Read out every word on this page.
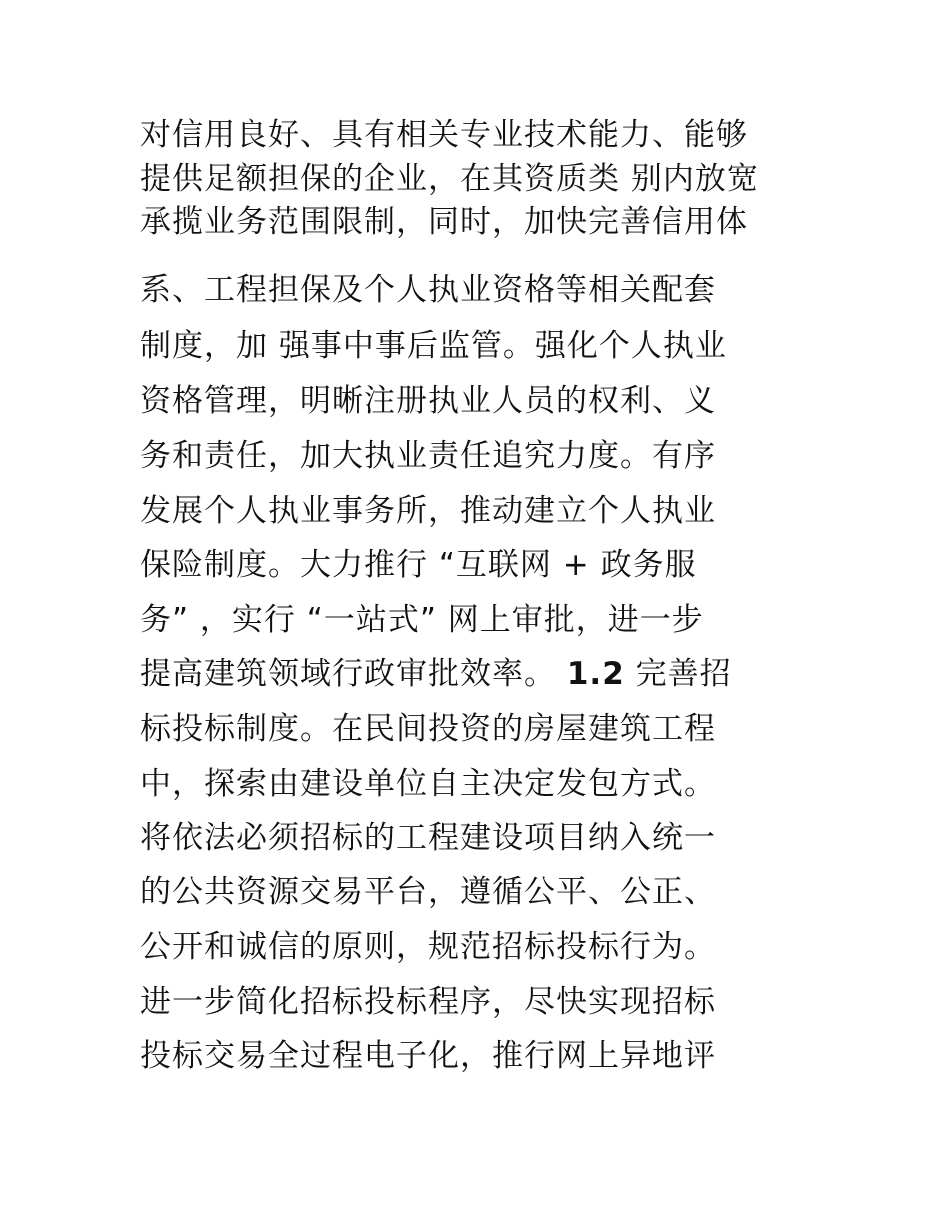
对信用良好、具有相关专业技术能力、能够
提供足额担保的企业，在其资质类 别内放宽
承揽业务范围限制，同时，加快完善信用体
系、工程担保及个人执业资格等相关配套
制度，加 强事中事后监管。强化个人执业
资格管理，明晰注册执业人员的权利、义
务和责任，加大执业责任追究力度。有序
发展个人执业事务所，推动建立个人执业
保险制度。大力推行 “互联网 + 政务服
务” ，实行 “一站式” 网上审批，进一步
提高建筑领域行政审批效率。 1.2 完善招
标投标制度。在民间投资的房屋建筑工程
中，探索由建设单位自主决定发包方式。
将依法必须招标的工程建设项目纳入统一
的公共资源交易平台，遵循公平、公正、
公开和诚信的原则，规范招标投标行为。
进一步简化招标投标程序，尽快实现招标
投标交易全过程电子化，推行网上异地评
